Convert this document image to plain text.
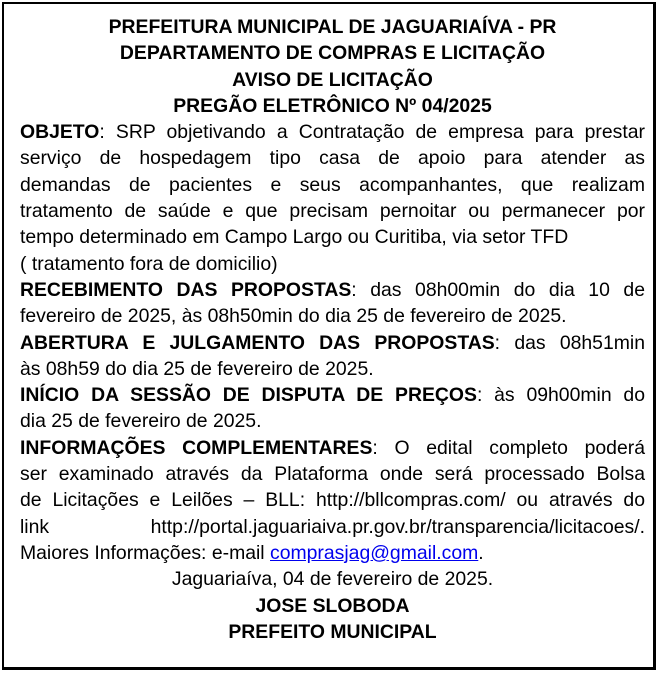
PREFEITURA MUNICIPAL DE JAGUARIAÍVA - PR
DEPARTAMENTO DE COMPRAS E LICITAÇÃO
AVISO DE LICITAÇÃO
PREGÃO ELETRÔNICO Nº 04/2025
OBJETO: SRP objetivando a Contratação de empresa para prestar
serviço de hospedagem tipo casa de apoio para atender as
demandas de pacientes e seus acompanhantes, que realizam
tratamento de saúde e que precisam pernoitar ou permanecer por
tempo determinado em Campo Largo ou Curitiba, via setor TFD
( tratamento fora de domicilio)
RECEBIMENTO DAS PROPOSTAS: das 08h00min do dia 10 de
fevereiro de 2025, às 08h50min do dia 25 de fevereiro de 2025.
ABERTURA E JULGAMENTO DAS PROPOSTAS: das 08h51min
às 08h59 do dia 25 de fevereiro de 2025.
INÍCIO DA SESSÃO DE DISPUTA DE PREÇOS: às 09h00min do
dia 25 de fevereiro de 2025.
INFORMAÇÕES COMPLEMENTARES: O edital completo poderá
ser examinado através da Plataforma onde será processado Bolsa
de Licitações e Leilões – BLL: http://bllcompras.com/ ou através do
link http://portal.jaguariaiva.pr.gov.br/transparencia/licitacoes/.
Maiores Informações: e-mail comprasjag@gmail.com.
Jaguariaíva, 04 de fevereiro de 2025.
JOSE SLOBODA
PREFEITO MUNICIPAL
